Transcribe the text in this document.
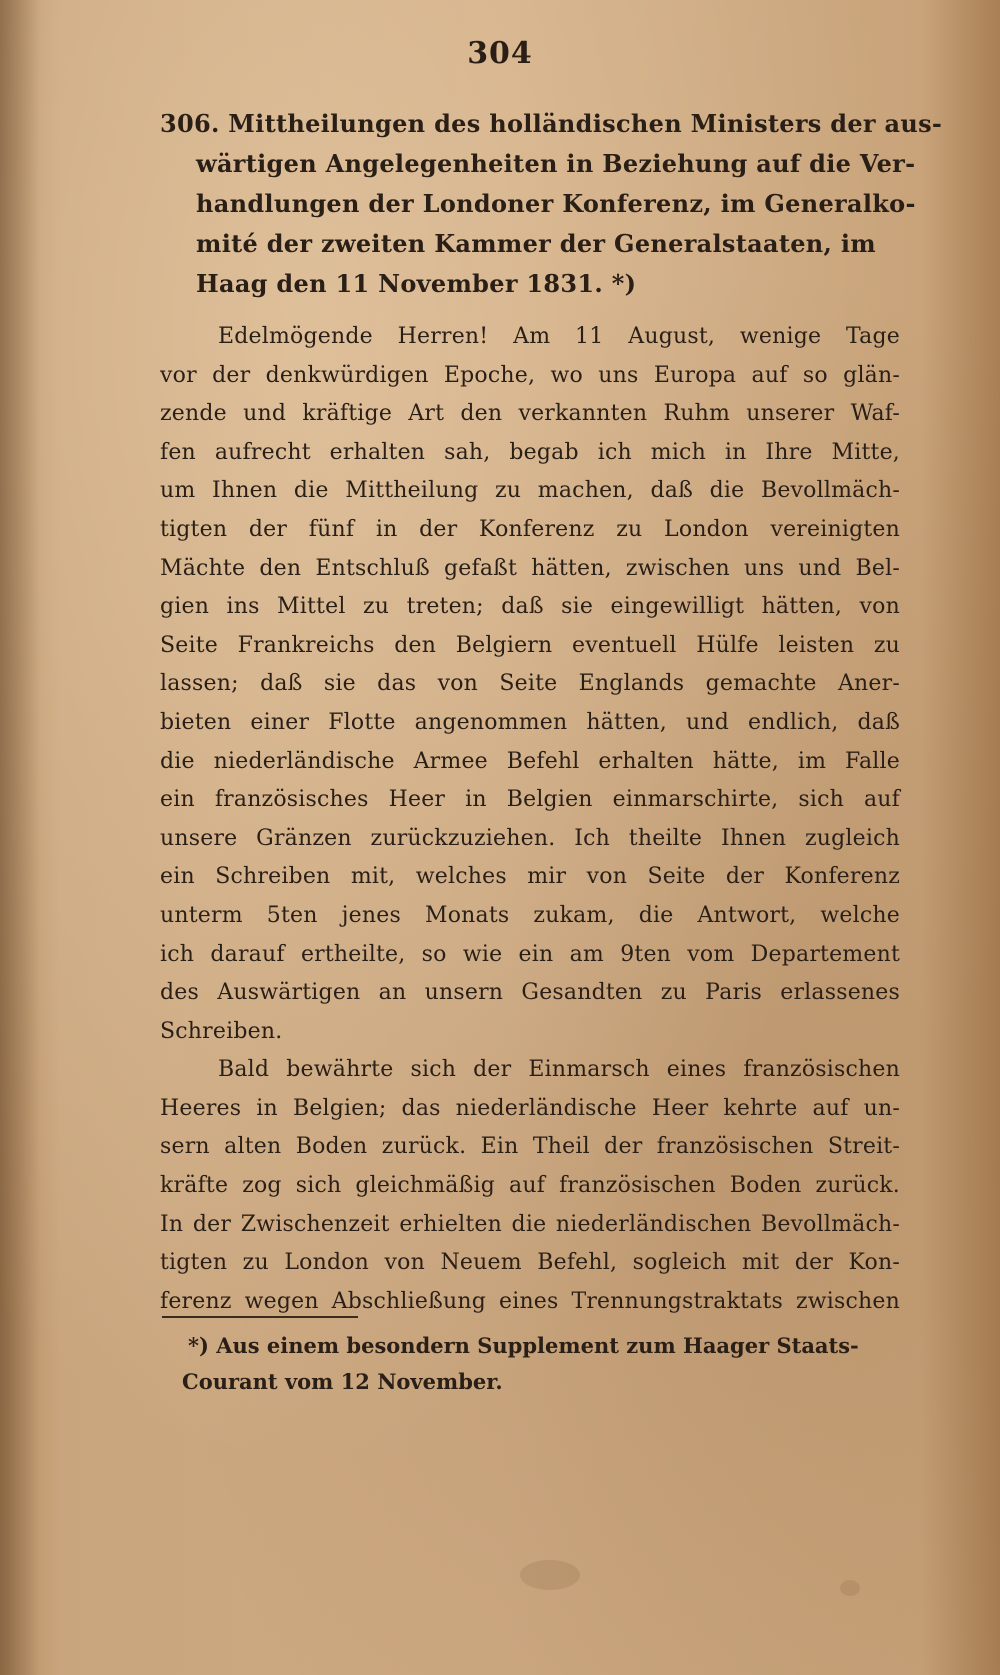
304
306. Mittheilungen des holländischen Ministers der aus-
wärtigen Angelegenheiten in Beziehung auf die Ver-
handlungen der Londoner Konferenz, im Generalko-
mité der zweiten Kammer der Generalstaaten, im
Haag den 11 November 1831. *)
Edelmögende Herren! Am 11 August, wenige Tage
vor der denkwürdigen Epoche, wo uns Europa auf so glän-
zende und kräftige Art den verkannten Ruhm unserer Waf-
fen aufrecht erhalten sah, begab ich mich in Ihre Mitte,
um Ihnen die Mittheilung zu machen, daß die Bevollmäch-
tigten der fünf in der Konferenz zu London vereinigten
Mächte den Entschluß gefaßt hätten, zwischen uns und Bel-
gien ins Mittel zu treten; daß sie eingewilligt hätten, von
Seite Frankreichs den Belgiern eventuell Hülfe leisten zu
lassen; daß sie das von Seite Englands gemachte Aner-
bieten einer Flotte angenommen hätten, und endlich, daß
die niederländische Armee Befehl erhalten hätte, im Falle
ein französisches Heer in Belgien einmarschirte, sich auf
unsere Gränzen zurückzuziehen. Ich theilte Ihnen zugleich
ein Schreiben mit, welches mir von Seite der Konferenz
unterm 5ten jenes Monats zukam, die Antwort, welche
ich darauf ertheilte, so wie ein am 9ten vom Departement
des Auswärtigen an unsern Gesandten zu Paris erlassenes
Schreiben.
Bald bewährte sich der Einmarsch eines französischen
Heeres in Belgien; das niederländische Heer kehrte auf un-
sern alten Boden zurück. Ein Theil der französischen Streit-
kräfte zog sich gleichmäßig auf französischen Boden zurück.
In der Zwischenzeit erhielten die niederländischen Bevollmäch-
tigten zu London von Neuem Befehl, sogleich mit der Kon-
ferenz wegen Abschließung eines Trennungstraktats zwischen
*) Aus einem besondern Supplement zum Haager Staats-
Courant vom 12 November.
